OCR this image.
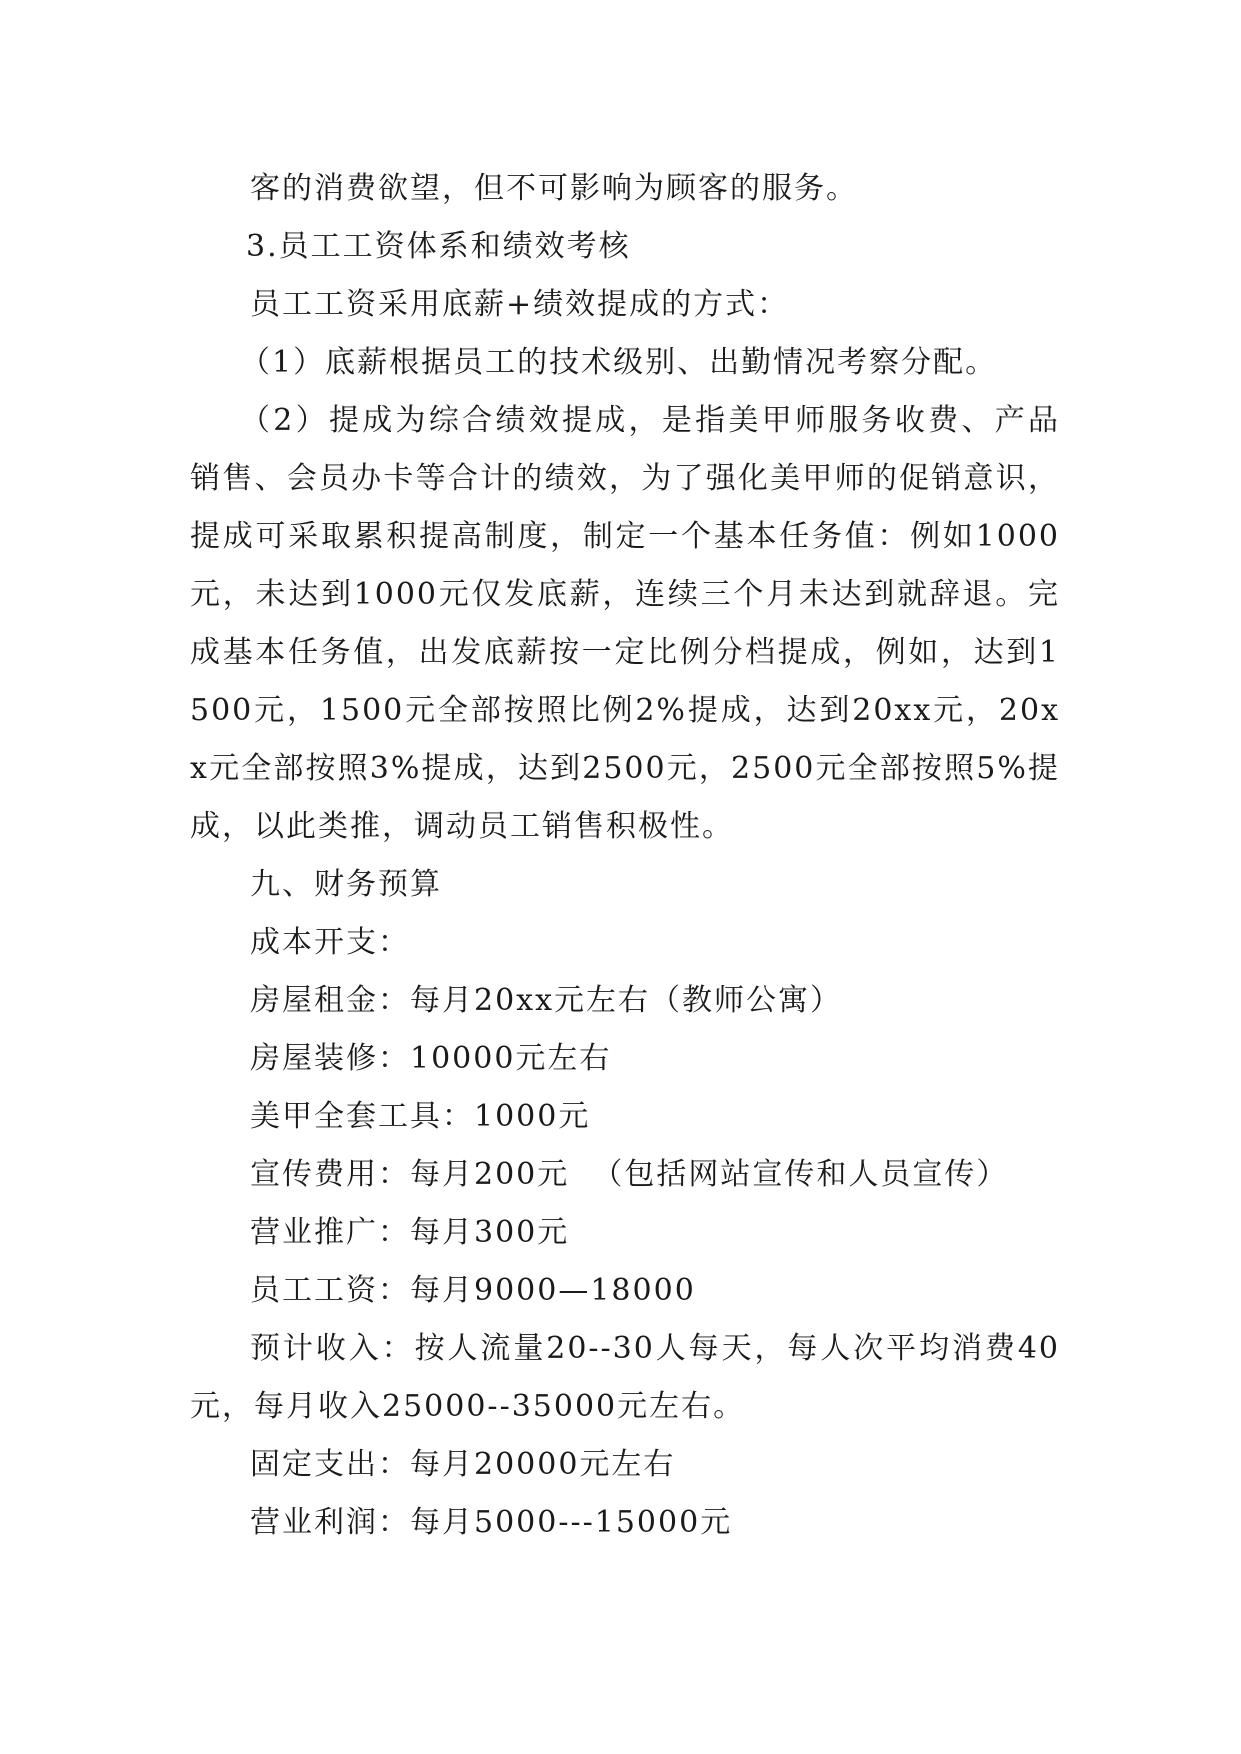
客的消费欲望，但不可影响为顾客的服务。

3.员工工资体系和绩效考核

员工工资采用底薪+绩效提成的方式：

（1）底薪根据员工的技术级别、出勤情况考察分配。

（2）提成为综合绩效提成，是指美甲师服务收费、产品销售、会员办卡等合计的绩效，为了强化美甲师的促销意识，提成可采取累积提高制度，制定一个基本任务值：例如1000元，未达到1000元仅发底薪，连续三个月未达到就辞退。完成基本任务值，出发底薪按一定比例分档提成，例如，达到1500元，1500元全部按照比例2%提成，达到20xx元，20xx元全部按照3%提成，达到2500元，2500元全部按照5%提成，以此类推，调动员工销售积极性。

九、财务预算

成本开支：

房屋租金：每月20xx元左右（教师公寓）

房屋装修：10000元左右

美甲全套工具：1000元

宣传费用：每月200元  （包括网站宣传和人员宣传）

营业推广：每月300元

员工工资：每月9000—18000

预计收入：按人流量20--30人每天，每人次平均消费40元，每月收入25000--35000元左右。

固定支出：每月20000元左右

营业利润：每月5000---15000元
